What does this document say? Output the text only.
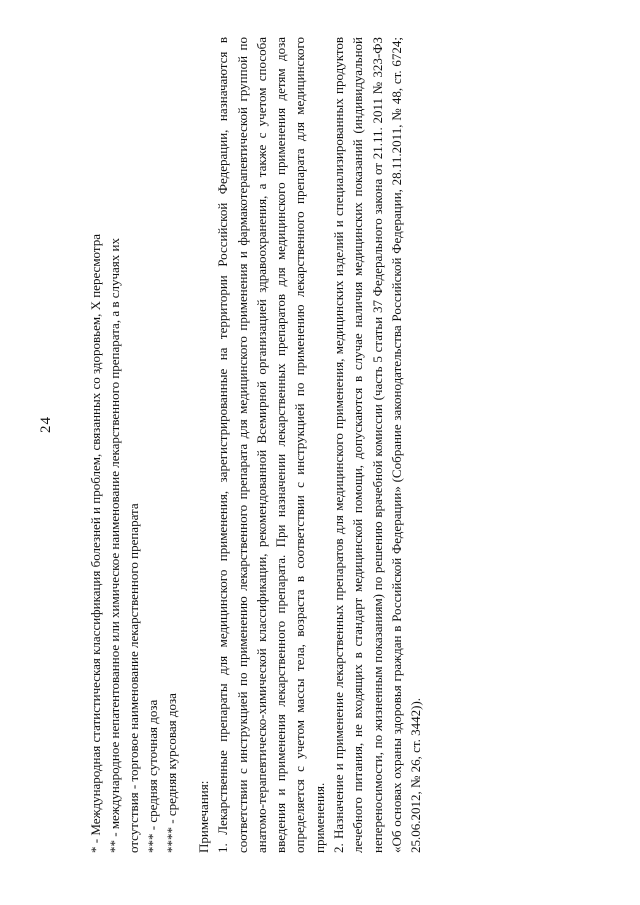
24	* - Международная статистическая классификация болезней и проблем, связанных со здоровьем, X пересмотра ** - международное непатентованное или химическое наименование лекарственного препарата, а в случаях их отсутствия - торговое наименование лекарственного препарата *** - средняя суточная доза **** - средняя курсовая доза Примечания: 1. Лекарственные препараты для медицинского применения, зарегистрированные на территории Российской Федерации, назначаются в соответствии с инструкцией по применению лекарственного препарата для медицинского применения и фармакотерапевтической группой по анатомо-терапевтическо-химической классификации, рекомендованной Всемирной организацией здравоохранения, а также с учетом способа введения и применения лекарственного препарата. При назначении лекарственных препаратов для медицинского применения детям доза определяется с учетом массы тела, возраста в соответствии с инструкцией по применению лекарственного препарата для медицинского применения. 2. Назначение и применение лекарственных препаратов для медицинского применения, медицинских изделий и специализированных продуктов лечебного питания, не входящих в стандарт медицинской помощи, допускаются в случае наличия медицинских показаний (индивидуальной непереносимости, по жизненным показаниям) по решению врачебной комиссии (часть 5 статьи 37 Федерального закона от 21.11. 2011 № 323-ФЗ «Об основах охраны здоровья граждан в Российской Федерации» (Собрание законодательства Российской Федерации, 28.11.2011, № 48, ст. 6724; 25.06.2012, № 26, ст. 3442)).
